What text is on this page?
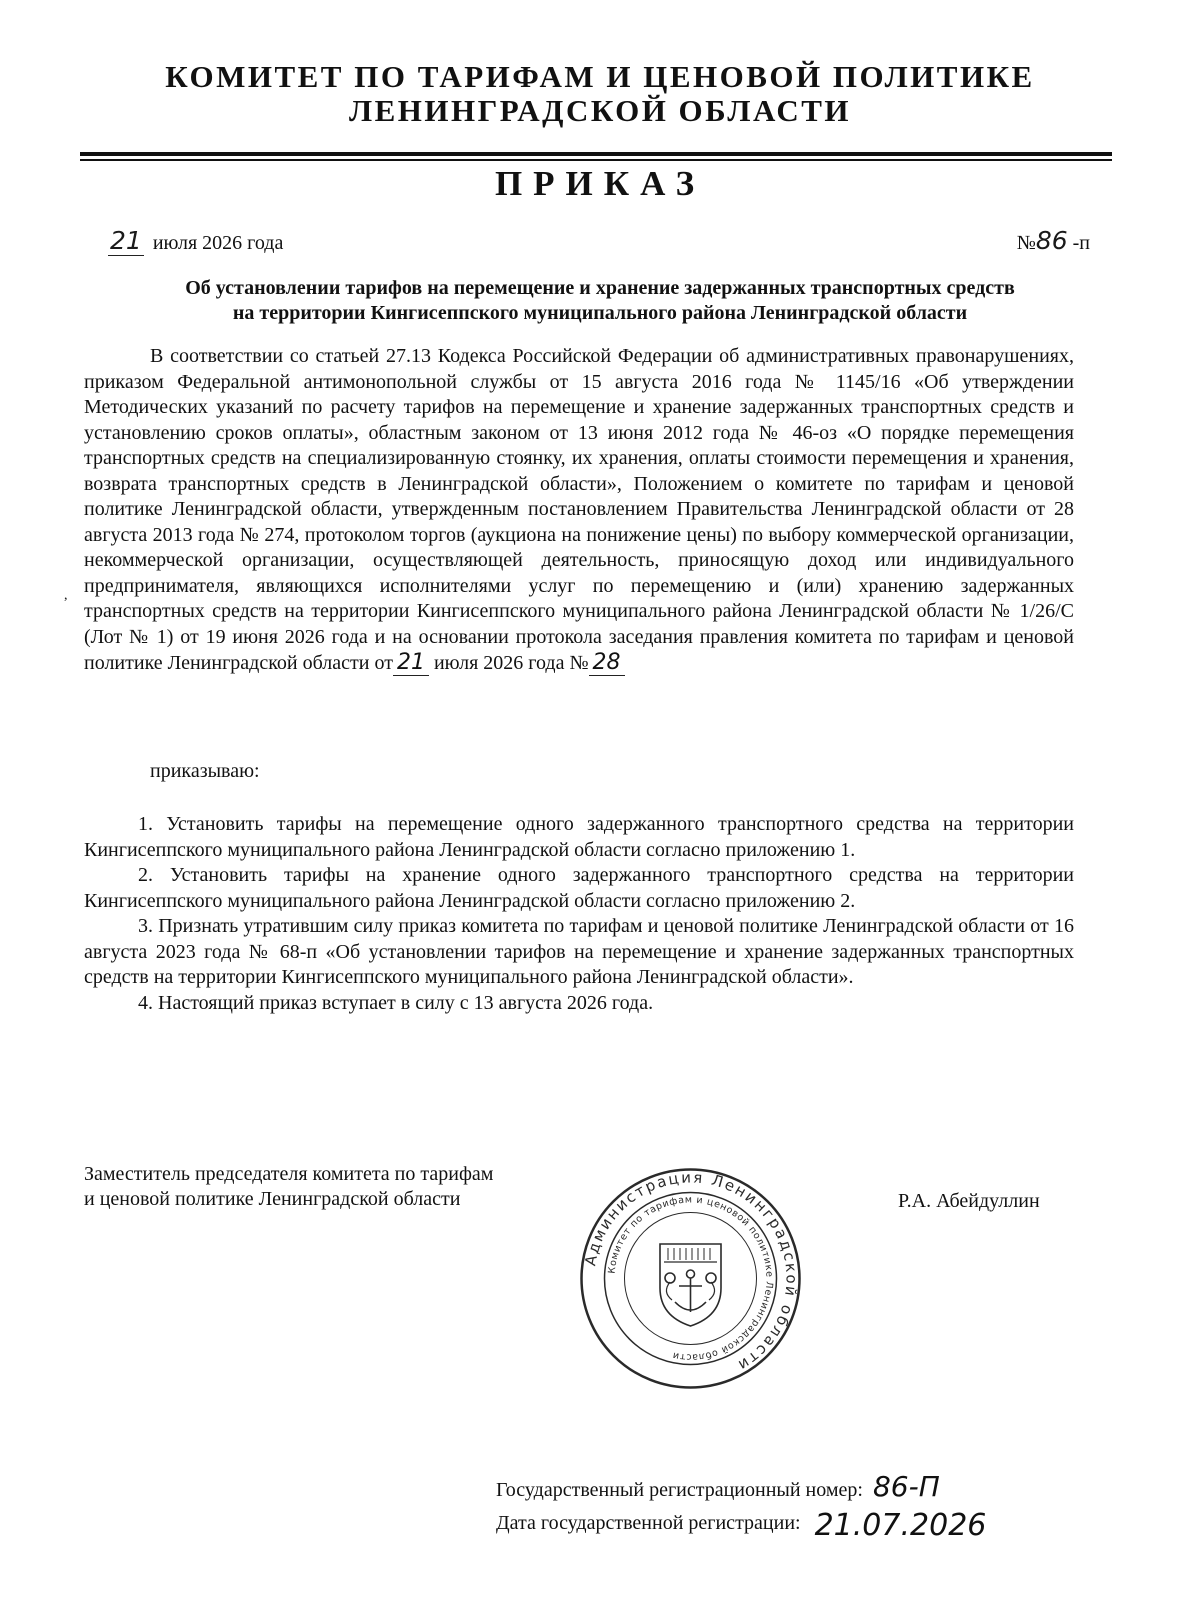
КОМИТЕТ ПО ТАРИФАМ И ЦЕНОВОЙ ПОЛИТИКЕ
ЛЕНИНГРАДСКОЙ ОБЛАСТИ
ПРИКАЗ
21 июля 2026 года	№86 -п
Об установлении тарифов на перемещение и хранение задержанных транспортных средств
на территории Кингисеппского муниципального района Ленинградской области
,
В соответствии со статьей 27.13 Кодекса Российской Федерации об административных правонарушениях, приказом Федеральной антимонопольной службы от 15 августа 2016 года № 1145/16 «Об утверждении Методических указаний по расчету тарифов на перемещение и хранение задержанных транспортных средств и установлению сроков оплаты», областным законом от 13 июня 2012 года № 46-оз «О порядке перемещения транспортных средств на специализированную стоянку, их хранения, оплаты стоимости перемещения и хранения, возврата транспортных средств в Ленинградской области», Положением о комитете по тарифам и ценовой политике Ленинградской области, утвержденным постановлением Правительства Ленинградской области от 28 августа 2013 года № 274, протоколом торгов (аукциона на понижение цены) по выбору коммерческой организации, некоммерческой организации, осуществляющей деятельность, приносящую доход или индивидуального предпринимателя, являющихся исполнителями услуг по перемещению и (или) хранению задержанных транспортных средств на территории Кингисеппского муниципального района Ленинградской области № 1/26/С (Лот № 1) от 19 июня 2026 года и на основании протокола заседания правления комитета по тарифам и ценовой политике Ленинградской области от 21 июля 2026 года № 28
приказываю:

1. Установить тарифы на перемещение одного задержанного транспортного средства на территории Кингисеппского муниципального района Ленинградской области согласно приложению 1.

2. Установить тарифы на хранение одного задержанного транспортного средства на территории Кингисеппского муниципального района Ленинградской области согласно приложению 2.

3. Признать утратившим силу приказ комитета по тарифам и ценовой политике Ленинградской области от 16 августа 2023 года № 68-п «Об установлении тарифов на перемещение и хранение задержанных транспортных средств на территории Кингисеппского муниципального района Ленинградской области».

4. Настоящий приказ вступает в силу с 13 августа 2026 года.

Заместитель председателя комитета по тарифам
и ценовой политике Ленинградской области	Р.А. Абейдуллин
Администрация Ленинградской области
Комитет по тарифам и ценовой политике Ленинградской области
Государственный регистрационный номер: 86-П
Дата государственной регистрации: 21.07.2026
